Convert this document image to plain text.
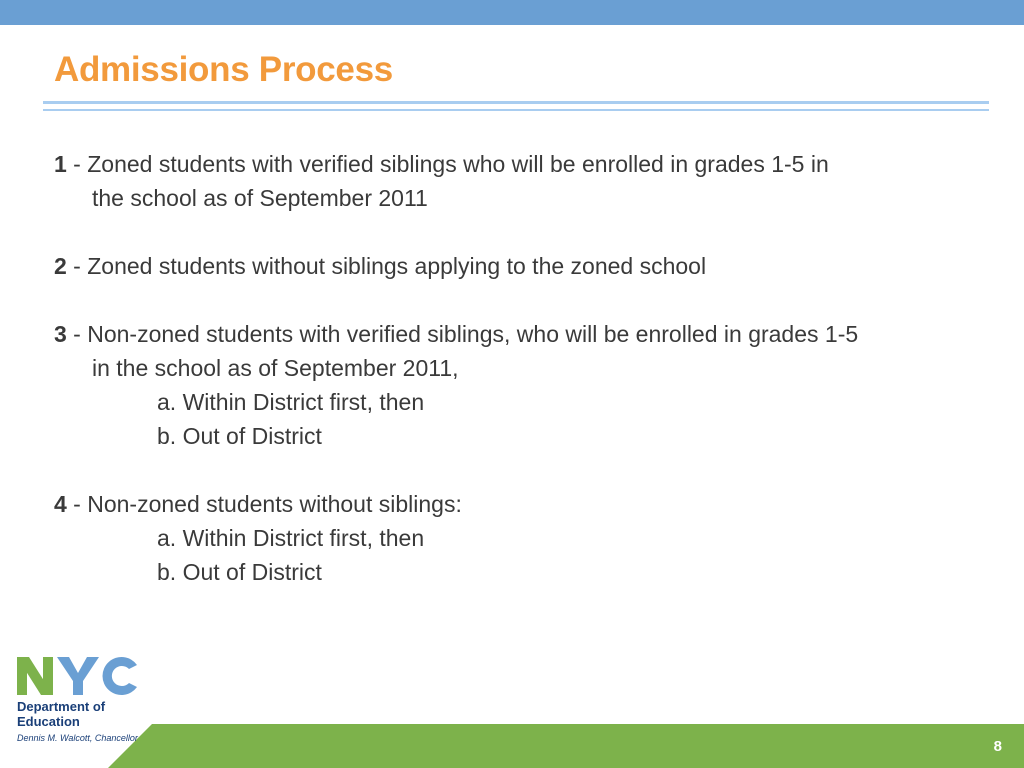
Admissions Process

1 - Zoned students with verified siblings who will be enrolled in grades 1-5 in
the school as of September 2011

2 - Zoned students without siblings applying to the zoned school

3 - Non-zoned students with verified siblings, who will be enrolled in grades 1-5
in the school as of September 2011,
a. Within District first, then
b. Out of District

4 - Non-zoned students without siblings:
a. Within District first, then
b. Out of District

Department of
Education
Dennis M. Walcott, Chancellor	8
